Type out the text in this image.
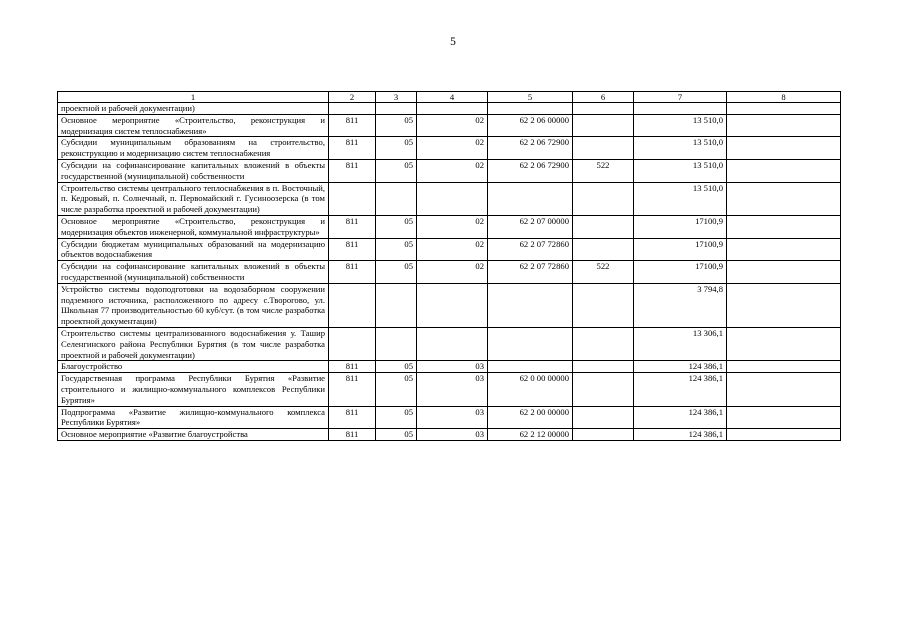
5
1	2	3	4	5	6	7	8
проектной и рабочей документации)							
Основное мероприятие «Строительство, реконструкция и модернизация систем теплоснабжения»	811	05	02	62 2 06 00000		13 510,0	
Субсидии муниципальным образованиям на строительство, реконструкцию и модернизацию систем теплоснабжения	811	05	02	62 2 06 72900		13 510,0	
Субсидии на софинансирование капитальных вложений в объекты государственной (муниципальной) собственности	811	05	02	62 2 06 72900	522	13 510,0	
Строительство системы центрального теплоснабжения в п. Восточный, п. Кедровый, п. Солнечный, п. Первомайский г. Гусиноозерска (в том числе разработка проектной и рабочей документации)						13 510,0	
Основное мероприятие «Строительство, реконструкция и модернизация объектов инженерной, коммунальной инфраструктуры»	811	05	02	62 2 07 00000		17100,9	
Субсидии бюджетам муниципальных образований на модернизацию объектов водоснабжения	811	05	02	62 2 07 72860		17100,9	
Субсидии на софинансирование капитальных вложений в объекты государственной (муниципальной) собственности	811	05	02	62 2 07 72860	522	17100,9	
Устройство системы водоподготовки на водозаборном сооружении подземного источника, расположенного по адресу с.Творогово, ул. Школьная 77 производительностью 60 куб/сут. (в том числе разработка проектной документации)						3 794,8	
Строительство системы централизованного водоснабжения у. Ташир Селенгинского района Республики Бурятия (в том числе разработка проектной и рабочей документации)						13 306,1	
Благоустройство	811	05	03			124 386,1	
Государственная программа Республики Бурятия «Развитие строительного и жилищно-коммунального комплексов Республики Бурятия»	811	05	03	62 0 00 00000		124 386,1	
Подпрограмма «Развитие жилищно-коммунального комплекса Республики Бурятия»	811	05	03	62 2 00 00000		124 386,1	
Основное мероприятие «Развитие благоустройства	811	05	03	62 2 12 00000		124 386,1	
